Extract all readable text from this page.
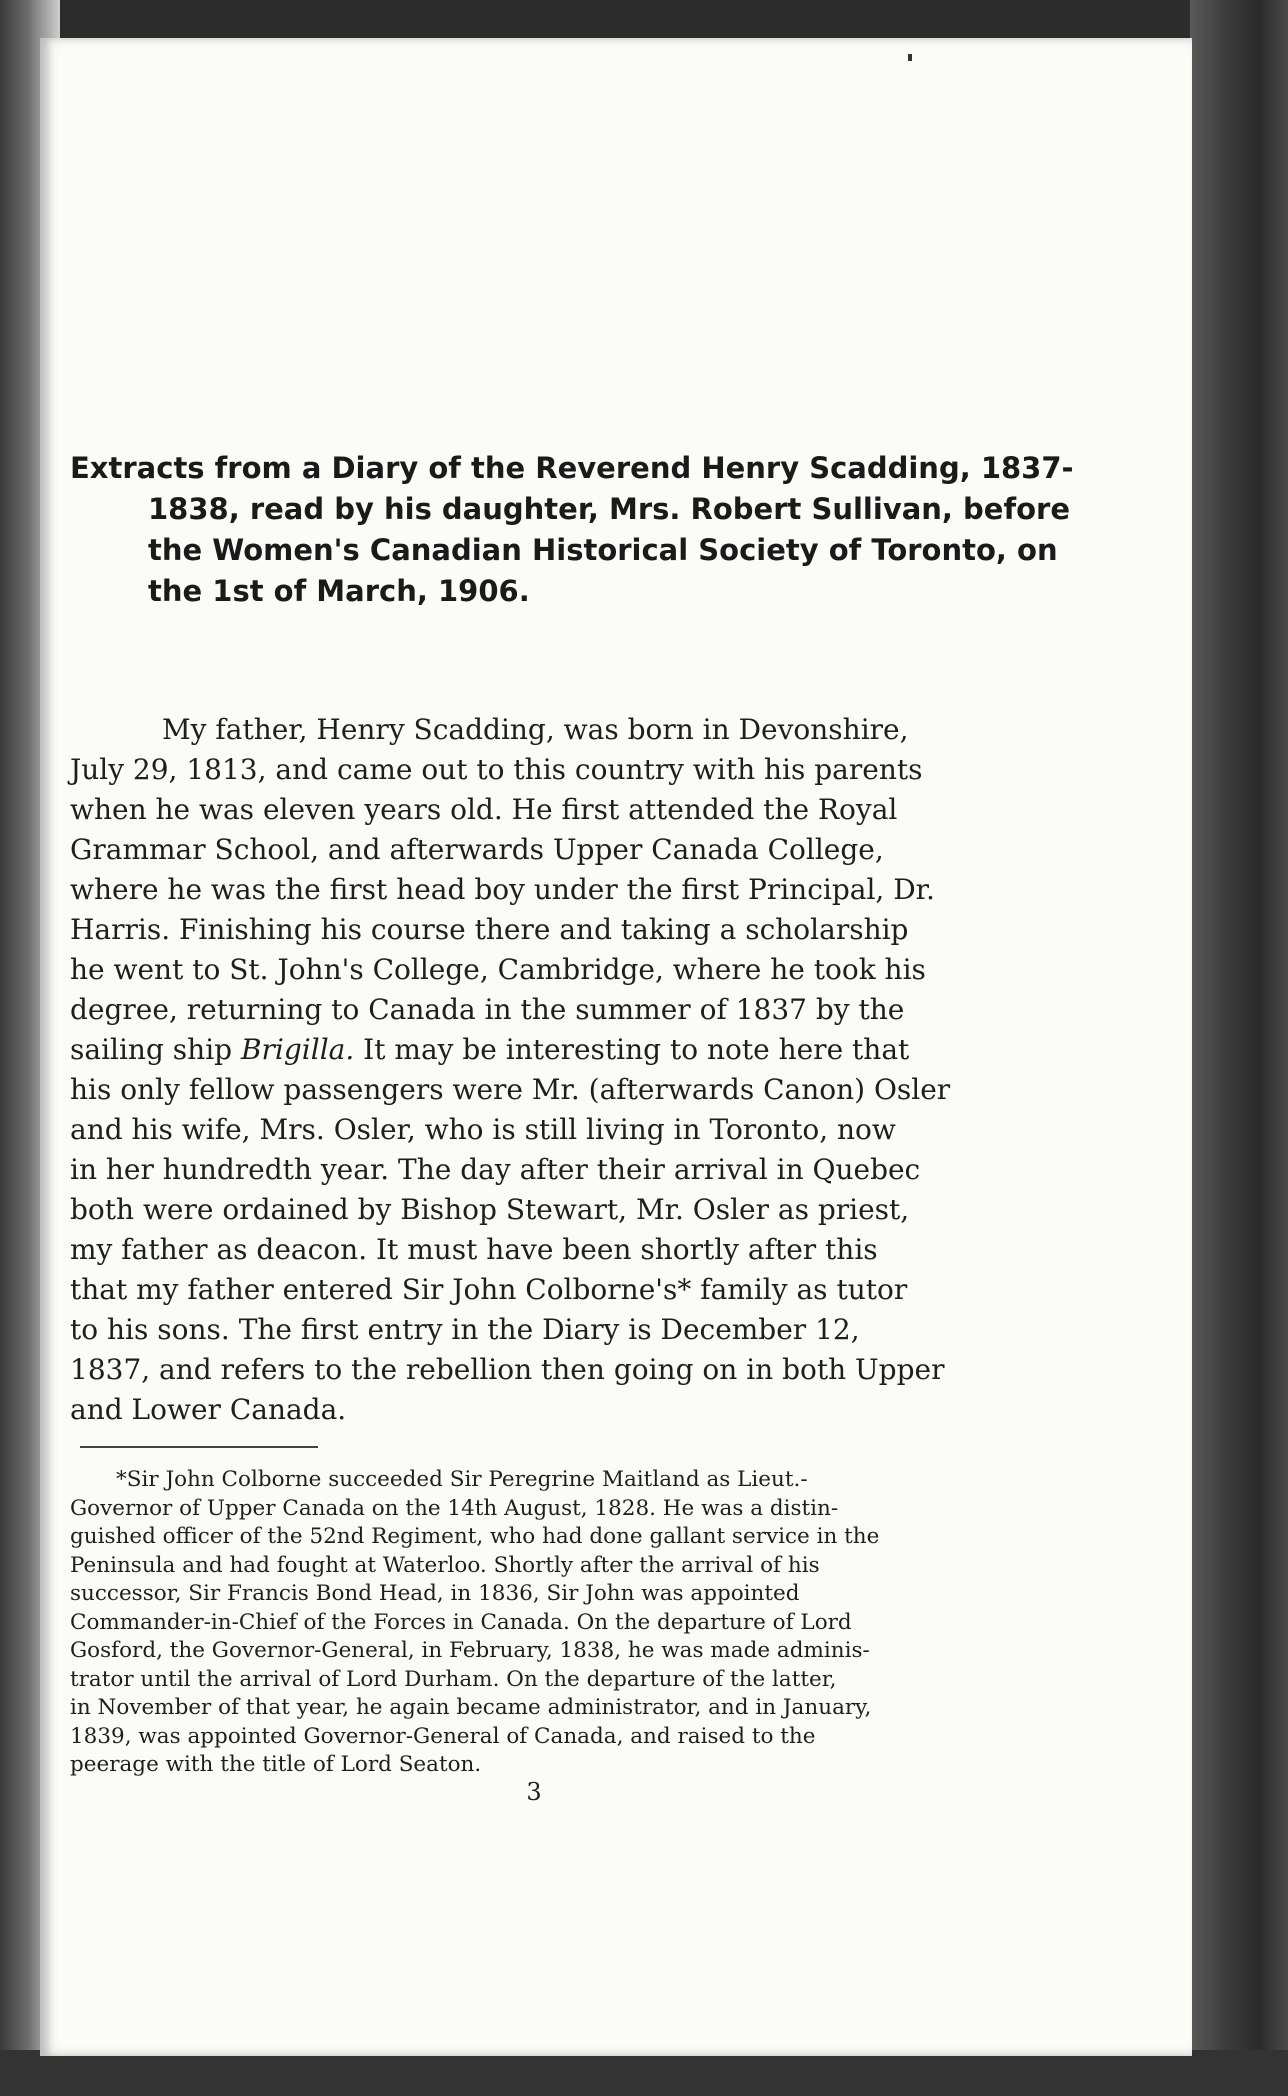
Extracts from a Diary of the Reverend Henry Scadding, 1837-
1838, read by his daughter, Mrs. Robert Sullivan, before
the Women's Canadian Historical Society of Toronto, on
the 1st of March, 1906.
My father, Henry Scadding, was born in Devonshire,
July 29, 1813, and came out to this country with his parents
when he was eleven years old. He first attended the Royal
Grammar School, and afterwards Upper Canada College,
where he was the first head boy under the first Principal, Dr.
Harris. Finishing his course there and taking a scholarship
he went to St. John's College, Cambridge, where he took his
degree, returning to Canada in the summer of 1837 by the
sailing ship Brigilla. It may be interesting to note here that
his only fellow passengers were Mr. (afterwards Canon) Osler
and his wife, Mrs. Osler, who is still living in Toronto, now
in her hundredth year. The day after their arrival in Quebec
both were ordained by Bishop Stewart, Mr. Osler as priest,
my father as deacon. It must have been shortly after this
that my father entered Sir John Colborne's* family as tutor
to his sons. The first entry in the Diary is December 12,
1837, and refers to the rebellion then going on in both Upper
and Lower Canada.
*Sir John Colborne succeeded Sir Peregrine Maitland as Lieut.-
Governor of Upper Canada on the 14th August, 1828. He was a distin-
guished officer of the 52nd Regiment, who had done gallant service in the
Peninsula and had fought at Waterloo. Shortly after the arrival of his
successor, Sir Francis Bond Head, in 1836, Sir John was appointed
Commander-in-Chief of the Forces in Canada. On the departure of Lord
Gosford, the Governor-General, in February, 1838, he was made adminis-
trator until the arrival of Lord Durham. On the departure of the latter,
in November of that year, he again became administrator, and in January,
1839, was appointed Governor-General of Canada, and raised to the
peerage with the title of Lord Seaton.
3
